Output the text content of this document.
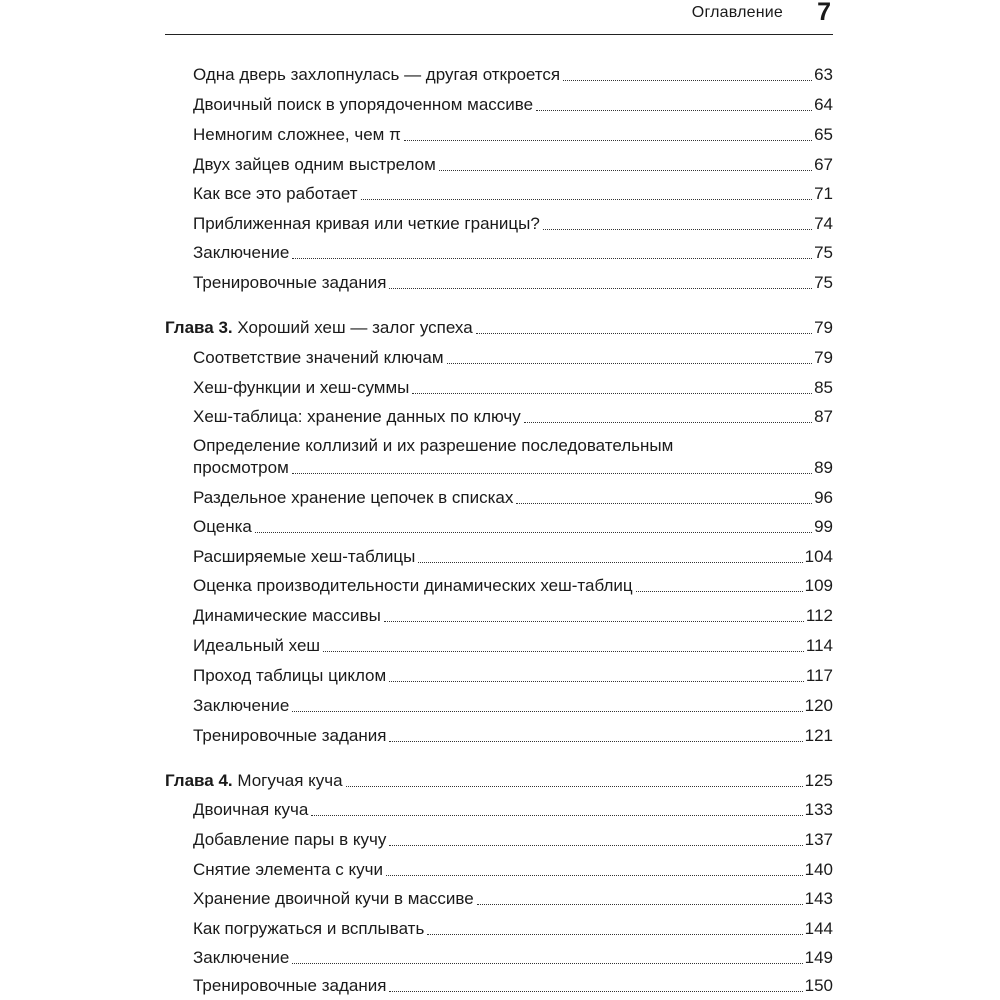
Оглавление 7
Одна дверь захлопнулась — другая откроется	63
Двоичный поиск в упорядоченном массиве	64
Немногим сложнее, чем π	65
Двух зайцев одним выстрелом	67
Как все это работает	71
Приближенная кривая или четкие границы?	74
Заключение	75
Тренировочные задания	75
Глава 3. Хороший хеш — залог успеха	79
Соответствие значений ключам	79
Хеш-функции и хеш-суммы	85
Хеш-таблица: хранение данных по ключу	87
Определение коллизий и их разрешение последовательным
просмотром	89
Раздельное хранение цепочек в списках	96
Оценка	99
Расширяемые хеш-таблицы	104
Оценка производительности динамических хеш-таблиц	109
Динамические массивы	112
Идеальный хеш	114
Проход таблицы циклом	117
Заключение	120
Тренировочные задания	121
Глава 4. Могучая куча	125
Двоичная куча	133
Добавление пары в кучу	137
Снятие элемента с кучи	140
Хранение двоичной кучи в массиве	143
Как погружаться и всплывать	144
Заключение	149
Тренировочные задания	150
